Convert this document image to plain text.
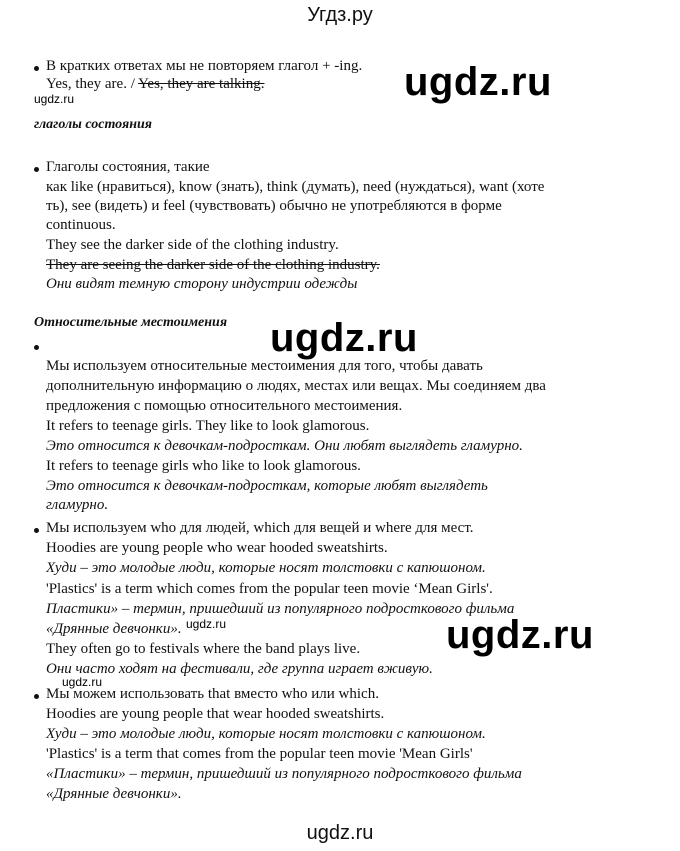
Угдз.ру
В кратких ответах мы не повторяем глагол + -ing.
Yes, they are. / Yes, they are talking.
ugdz.ru	ugdz.ru
глаголы состояния
Глаголы состояния, такие
как like (нравиться), know (знать), think (думать), need (нуждаться), want (хоте
ть), see (видеть) и feel (чувствовать) обычно не употребляются в форме
continuous.
They see the darker side of the clothing industry.
They are seeing the darker side of the clothing industry.
Они видят темную сторону индустрии одежды
Относительные местоимения ugdz.ru
Мы используем относительные местоимения для того, чтобы давать
дополнительную информацию о людях, местах или вещах. Мы соединяем два
предложения с помощью относительного местоимения.
It refers to teenage girls. They like to look glamorous.
Это относится к девочкам-подросткам. Они любят выглядеть гламурно.
It refers to teenage girls who like to look glamorous.
Это относится к девочкам-подросткам, которые любят выглядеть
гламурно.
Мы используем who для людей, which для вещей и where для мест.
Hoodies are young people who wear hooded sweatshirts.
Худи – это молодые люди, которые носят толстовки с капюшоном.
'Plastics' is a term which comes from the popular teen movie ‘Mean Girls'.
Пластики» – термин, пришедший из популярного подросткового фильма
«Дрянные девчонки». ugdz.ru	ugdz.ru
They often go to festivals where the band plays live.
Они часто ходят на фестивали, где группа играет вживую.
ugdz.ru
Мы можем использовать that вместо who или which.
Hoodies are young people that wear hooded sweatshirts.
Худи – это молодые люди, которые носят толстовки с капюшоном.
'Plastics' is a term that comes from the popular teen movie 'Mean Girls'
«Пластики» – термин, пришедший из популярного подросткового фильма
«Дрянные девчонки».
ugdz.ru
